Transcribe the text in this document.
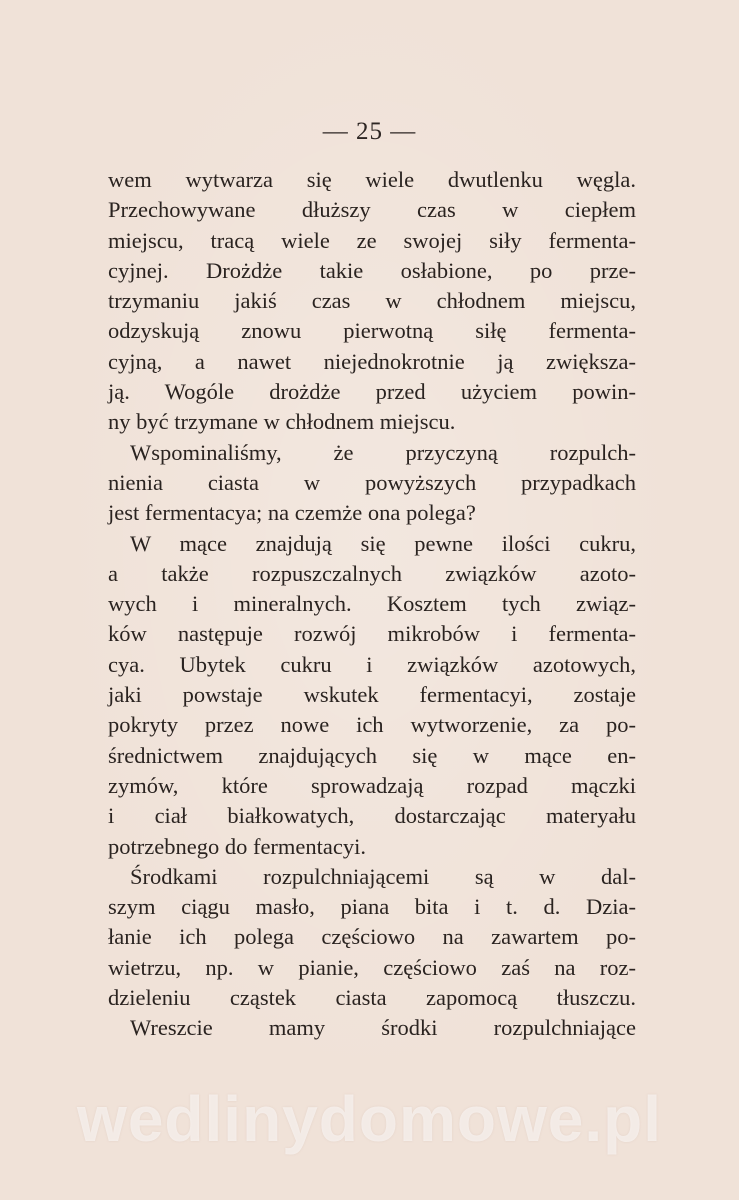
— 25 —
wem wytwarza się wiele dwutlenku węgla.
Przechowywane dłuższy czas w ciepłem
miejscu, tracą wiele ze swojej siły fermenta-
cyjnej. Drożdże takie osłabione, po prze-
trzymaniu jakiś czas w chłodnem miejscu,
odzyskują znowu pierwotną siłę fermenta-
cyjną, a nawet niejednokrotnie ją zwiększa-
ją. Wogóle drożdże przed użyciem powin-
ny być trzymane w chłodnem miejscu.
Wspominaliśmy, że przyczyną rozpulch-
nienia ciasta w powyższych przypadkach
jest fermentacya; na czemże ona polega?
W mące znajdują się pewne ilości cukru,
a także rozpuszczalnych związków azoto-
wych i mineralnych. Kosztem tych związ-
ków następuje rozwój mikrobów i fermenta-
cya. Ubytek cukru i związków azotowych,
jaki powstaje wskutek fermentacyi, zostaje
pokryty przez nowe ich wytworzenie, za po-
średnictwem znajdujących się w mące en-
zymów, które sprowadzają rozpad mączki
i ciał białkowatych, dostarczając materyału
potrzebnego do fermentacyi.
Środkami rozpulchniającemi są w dal-
szym ciągu masło, piana bita i t. d. Dzia-
łanie ich polega częściowo na zawartem po-
wietrzu, np. w pianie, częściowo zaś na roz-
dzieleniu cząstek ciasta zapomocą tłuszczu.
Wreszcie mamy środki rozpulchniające
wedlinydomowe.pl
